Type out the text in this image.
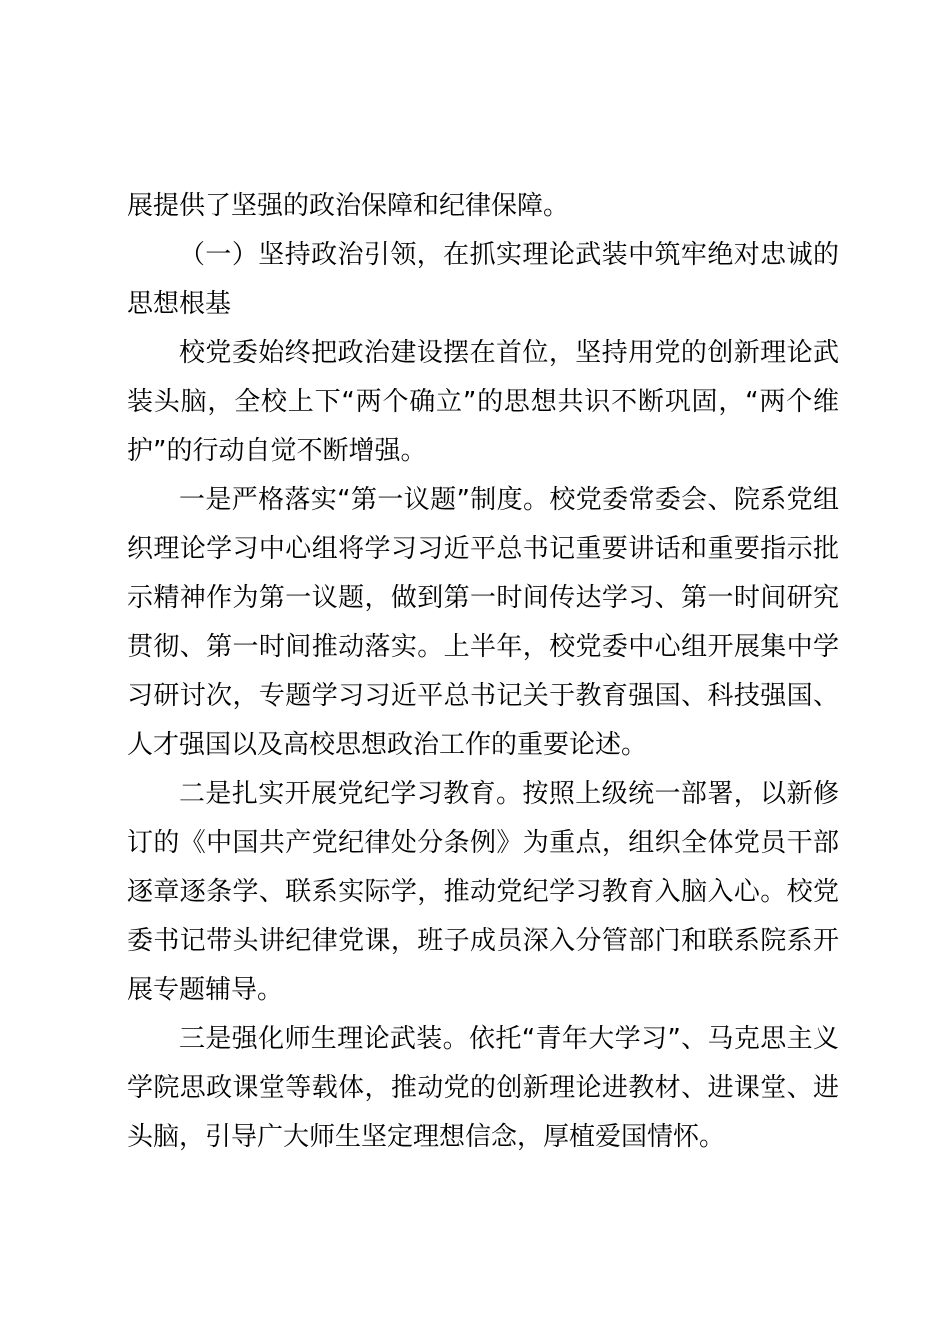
展提供了坚强的政治保障和纪律保障。

（一）坚持政治引领，在抓实理论武装中筑牢绝对忠诚的思想根基

校党委始终把政治建设摆在首位，坚持用党的创新理论武装头脑，全校上下“两个确立”的思想共识不断巩固，“两个维护”的行动自觉不断增强。

一是严格落实“第一议题”制度。校党委常委会、院系党组织理论学习中心组将学习习近平总书记重要讲话和重要指示批示精神作为第一议题，做到第一时间传达学习、第一时间研究贯彻、第一时间推动落实。上半年，校党委中心组开展集中学习研讨次，专题学习习近平总书记关于教育强国、科技强国、人才强国以及高校思想政治工作的重要论述。

二是扎实开展党纪学习教育。按照上级统一部署，以新修订的《中国共产党纪律处分条例》为重点，组织全体党员干部逐章逐条学、联系实际学，推动党纪学习教育入脑入心。校党委书记带头讲纪律党课，班子成员深入分管部门和联系院系开展专题辅导。

三是强化师生理论武装。依托“青年大学习”、马克思主义学院思政课堂等载体，推动党的创新理论进教材、进课堂、进头脑，引导广大师生坚定理想信念，厚植爱国情怀。
